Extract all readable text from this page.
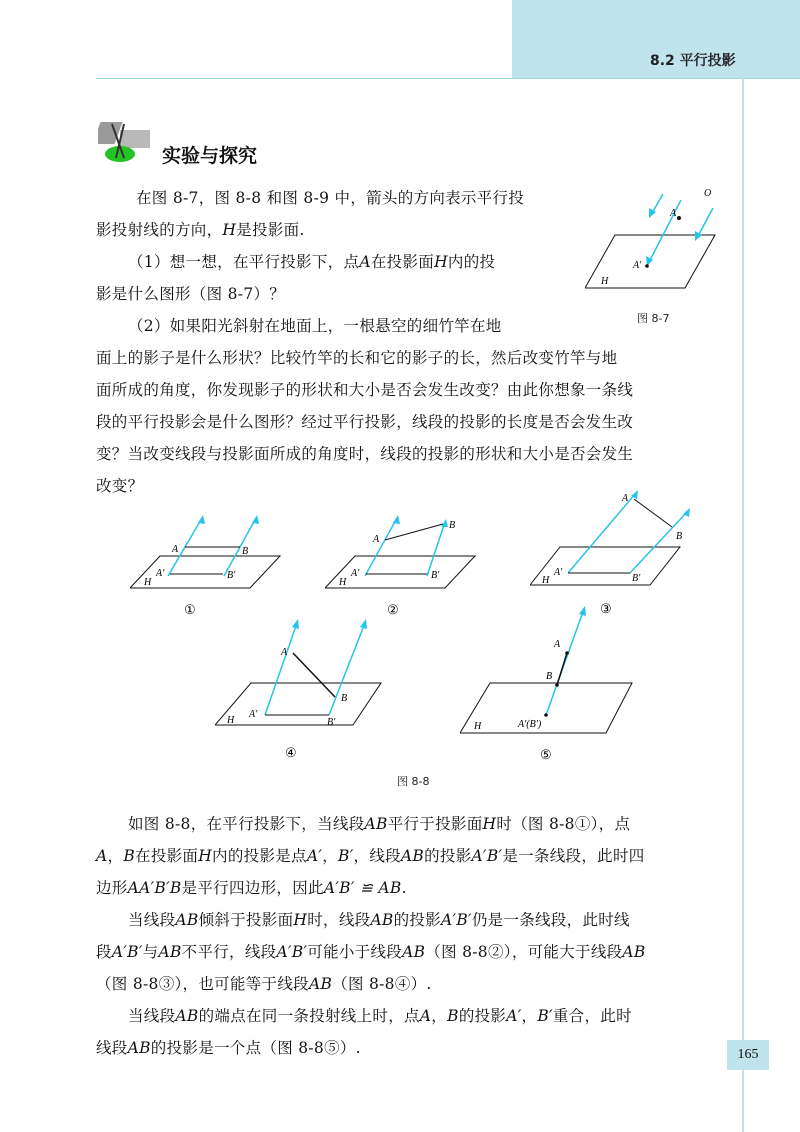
8.2 平行投影
实验与探究
在图 8-7，图 8-8 和图 8-9 中，箭头的方向表示平行投
影投射线的方向，H是投影面.
（1）想一想，在平行投影下，点A在投影面H内的投
影是什么图形（图 8-7）？
（2）如果阳光斜射在地面上，一根悬空的细竹竿在地
面上的影子是什么形状？比较竹竿的长和它的影子的长，然后改变竹竿与地
面所成的角度，你发现影子的形状和大小是否会发生改变？由此你想象一条线
段的平行投影会是什么图形？经过平行投影，线段的投影的长度是否会发生改
变？当改变线段与投影面所成的角度时，线段的投影的形状和大小是否会发生
改变？
O
A
A′
H
图 8-7
A	B
A′	B′
H
①
A
B
A′	B′
H
②
A
B
A′
B′
H
③
A
B
A′
B′
H
④
A
B
A′(B′)
H
⑤
图 8-8
如图 8-8，在平行投影下，当线段AB平行于投影面H时（图 8-8①），点
A，B在投影面H内的投影是点A′，B′，线段AB的投影A′B′是一条线段，此时四
边形AA′B′B是平行四边形，因此A′B′ ≌ AB.
当线段AB倾斜于投影面H时，线段AB的投影A′B′仍是一条线段，此时线
段A′B′与AB不平行，线段A′B′可能小于线段AB（图 8-8②），可能大于线段AB
（图 8-8③），也可能等于线段AB（图 8-8④）.
当线段AB的端点在同一条投射线上时，点A，B的投影A′，B′重合，此时
线段AB的投影是一个点（图 8-8⑤）.	165
